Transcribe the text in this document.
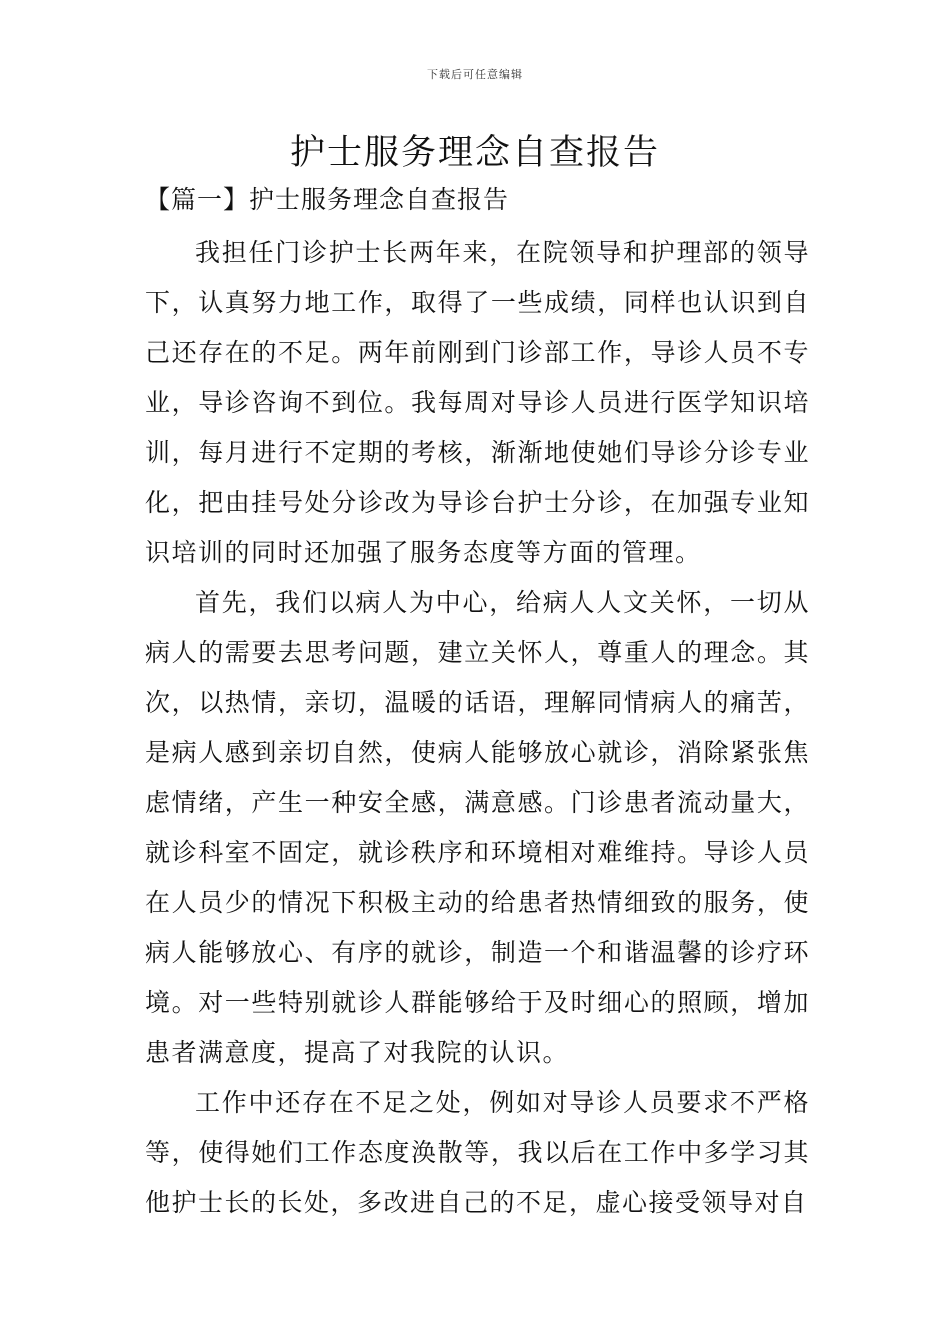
下载后可任意编辑
护士服务理念自查报告
【篇一】护士服务理念自查报告

我担任门诊护士长两年来，在院领导和护理部的领导下，认真努力地工作，取得了一些成绩，同样也认识到自己还存在的不足。两年前刚到门诊部工作，导诊人员不专业，导诊咨询不到位。我每周对导诊人员进行医学知识培训，每月进行不定期的考核，渐渐地使她们导诊分诊专业化，把由挂号处分诊改为导诊台护士分诊，在加强专业知识培训的同时还加强了服务态度等方面的管理。

首先，我们以病人为中心，给病人人文关怀，一切从病人的需要去思考问题，建立关怀人，尊重人的理念。其次，以热情，亲切，温暖的话语，理解同情病人的痛苦，是病人感到亲切自然，使病人能够放心就诊，消除紧张焦虑情绪，产生一种安全感，满意感。门诊患者流动量大，就诊科室不固定，就诊秩序和环境相对难维持。导诊人员在人员少的情况下积极主动的给患者热情细致的服务，使病人能够放心、有序的就诊，制造一个和谐温馨的诊疗环境。对一些特别就诊人群能够给于及时细心的照顾，增加患者满意度，提高了对我院的认识。

工作中还存在不足之处，例如对导诊人员要求不严格等，使得她们工作态度涣散等，我以后在工作中多学习其他护士长的长处，多改进自己的不足，虚心接受领导对自
